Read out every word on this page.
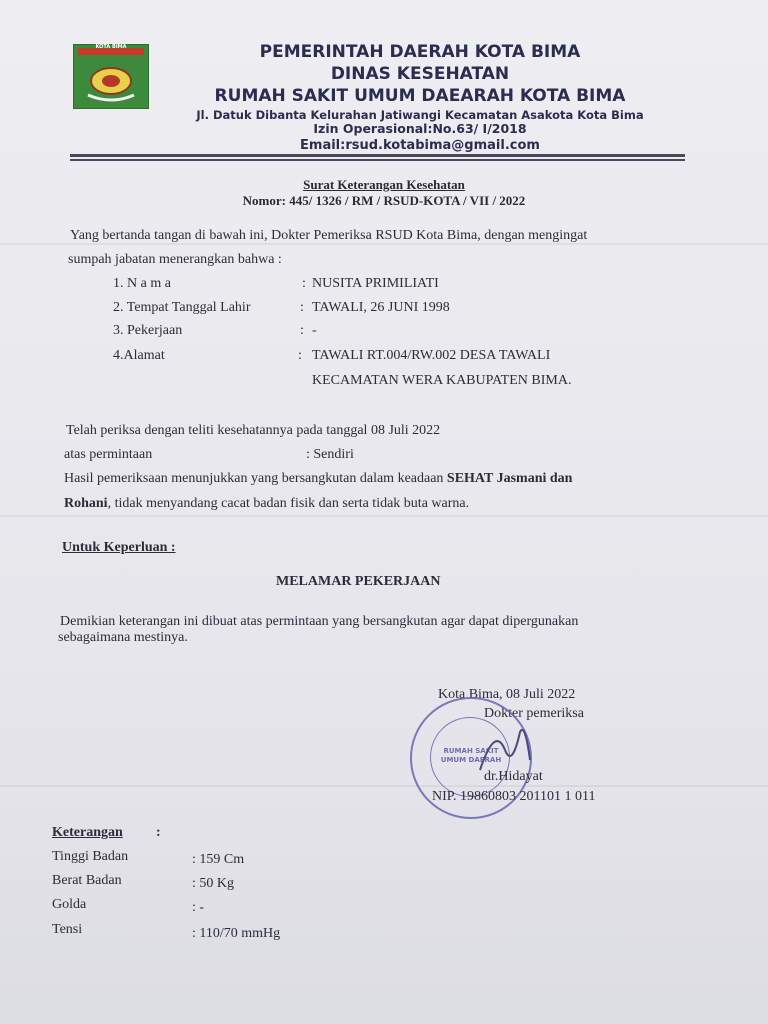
KOTA BIMA	PEMERINTAH DAERAH KOTA BIMA
DINAS KESEHATAN
RUMAH SAKIT UMUM DAEARAH KOTA BIMA
Jl. Datuk Dibanta Kelurahan Jatiwangi Kecamatan Asakota Kota Bima
Izin Operasional:No.63/ I/2018
Email:rsud.kotabima@gmail.com
Surat Keterangan Kesehatan
Nomor: 445/ 1326 / RM / RSUD-KOTA / VII / 2022
Yang bertanda tangan di bawah ini, Dokter Pemeriksa RSUD Kota Bima, dengan mengingat
sumpah jabatan menerangkan bahwa :
1. N a m a	: NUSITA PRIMILIATI
2. Tempat Tanggal Lahir	: TAWALI, 26 JUNI 1998
3. Pekerjaan	: -
4.Alamat	: TAWALI RT.004/RW.002 DESA TAWALI
KECAMATAN WERA KABUPATEN BIMA.
Telah periksa dengan teliti kesehatannya pada tanggal 08 Juli 2022
atas permintaan	: Sendiri
Hasil pemeriksaan menunjukkan yang bersangkutan dalam keadaan SEHAT Jasmani dan
Rohani, tidak menyandang cacat badan fisik dan serta tidak buta warna.
Untuk Keperluan :
MELAMAR PEKERJAAN
Demikian keterangan ini dibuat atas permintaan yang bersangkutan agar dapat dipergunakan
sebagaimana mestinya.
Kota Bima, 08 Juli 2022
Dokter pemeriksa
RUMAH SAKIT UMUM DAERAH
dr.Hidayat
NIP. 19860803 201101 1 011
Keterangan :
Tinggi Badan	: 159 Cm
Berat Badan	: 50 Kg
Golda	: -
Tensi	: 110/70 mmHg
